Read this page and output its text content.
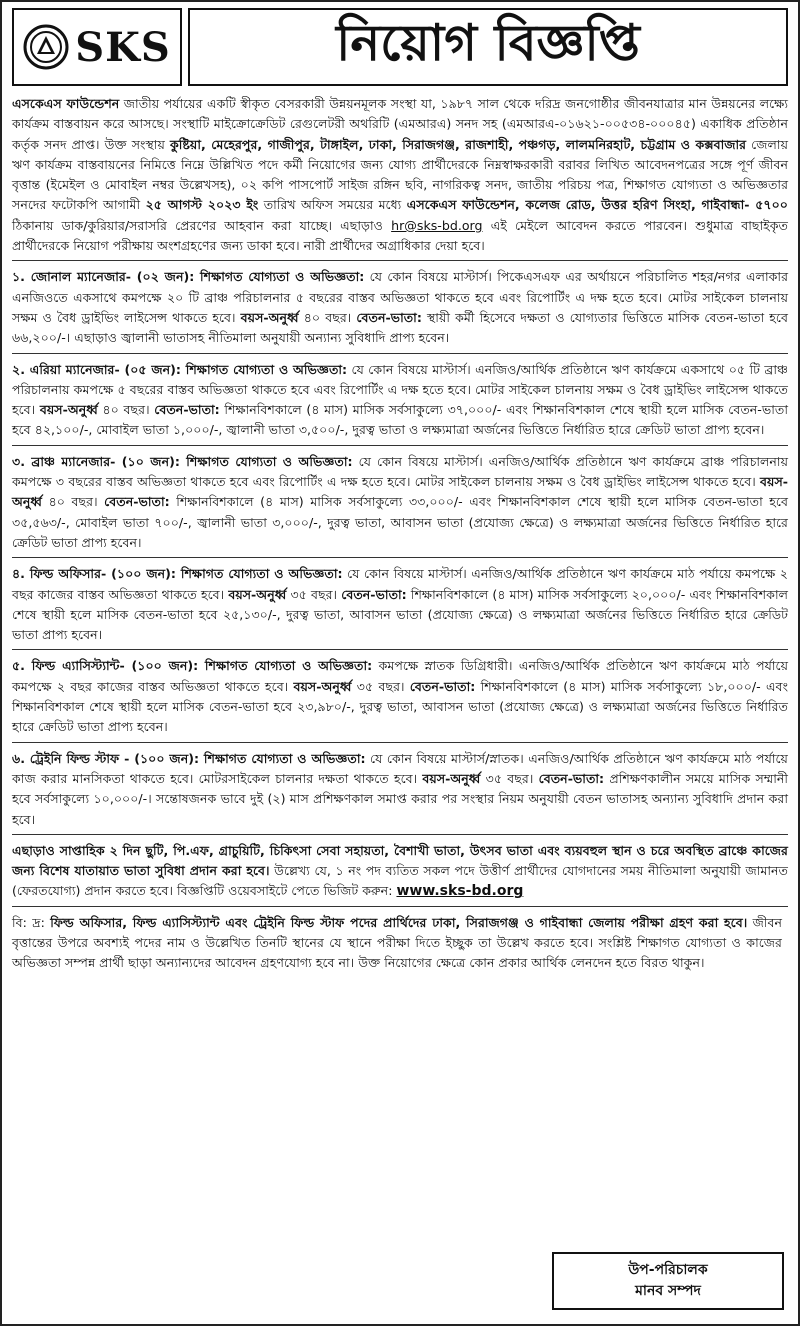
SKS	নিয়োগ বিজ্ঞপ্তি

এসকেএস ফাউন্ডেশন জাতীয় পর্যায়ের একটি স্বীকৃত বেসরকারী উন্নয়নমূলক সংস্থা যা, ১৯৮৭ সাল থেকে দরিদ্র জনগোষ্ঠীর জীবনযাত্রার মান উন্নয়নের লক্ষ্যে কার্যক্রম বাস্তবায়ন করে আসছে। সংস্থাটি মাইক্রোক্রেডিট রেগুলেটরী অথরিটি (এমআরএ) সনদ সহ (এমআরএ-০১৬২১-০০৫৩৪-০০০৪৫) একাধিক প্রতিষ্ঠান কর্তৃক সনদ প্রাপ্ত। উক্ত সংস্থায় কুষ্টিয়া, মেহেরপুর, গাজীপুর, টাঙ্গাইল, ঢাকা, সিরাজগঞ্জ, রাজশাহী, পঞ্চগড়, লালমনিরহাট, চট্টগ্রাম ও কক্সবাজার জেলায় ঋণ কার্যক্রম বাস্তবায়নের নিমিত্তে নিম্নে উল্লিখিত পদে কর্মী নিয়োগের জন্য যোগ্য প্রার্থীদেরকে নিম্নস্বাক্ষরকারী বরাবর লিখিত আবেদনপত্রের সঙ্গে পূর্ণ জীবন বৃত্তান্ত (ইমেইল ও মোবাইল নম্বর উল্লেখসহ), ০২ কপি পাসপোর্ট সাইজ রঙ্গিন ছবি, নাগরিকত্ব সনদ, জাতীয় পরিচয় পত্র, শিক্ষাগত যোগ্যতা ও অভিজ্ঞতার সনদের ফটোকপি আগামী ২৫ আগস্ট ২০২৩ ইং তারিখ অফিস সময়ের মধ্যে এসকেএস ফাউন্ডেশন, কলেজ রোড, উত্তর হরিণ সিংহা, গাইবান্ধা- ৫৭০০ ঠিকানায় ডাক/কুরিয়ার/সরাসরি প্রেরণের আহবান করা যাচ্ছে। এছাড়াও hr@sks-bd.org এই মেইলে আবেদন করতে পারবেন। শুধুমাত্র বাছাইকৃত প্রার্থীদেরকে নিয়োগ পরীক্ষায় অংশগ্রহণের জন্য ডাকা হবে। নারী প্রার্থীদের অগ্রাধিকার দেয়া হবে।

১. জোনাল ম্যানেজার- (০২ জন): শিক্ষাগত যোগ্যতা ও অভিজ্ঞতা: যে কোন বিষয়ে মাস্টার্স। পিকেএসএফ এর অর্থায়নে পরিচালিত শহর/নগর এলাকার এনজিওতে একসাথে কমপক্ষে ২০ টি ব্রাঞ্চ পরিচালনার ৫ বছরের বাস্তব অভিজ্ঞতা থাকতে হবে এবং রিপোর্টিং এ দক্ষ হতে হবে। মোটর সাইকেল চালনায় সক্ষম ও বৈধ ড্রাইভিং লাইসেন্স থাকতে হবে। বয়স-অনুর্ধ্ব ৪০ বছর। বেতন-ভাতা: স্থায়ী কর্মী হিসেবে দক্ষতা ও যোগ্যতার ভিত্তিতে মাসিক বেতন-ভাতা হবে ৬৬,২০০/-। এছাড়াও জ্বালানী ভাতাসহ নীতিমালা অনুযায়ী অন্যান্য সুবিধাদি প্রাপ্য হবেন।

২. এরিয়া ম্যানেজার- (০৫ জন): শিক্ষাগত যোগ্যতা ও অভিজ্ঞতা: যে কোন বিষয়ে মাস্টার্স। এনজিও/আর্থিক প্রতিষ্ঠানে ঋণ কার্যক্রমে একসাথে ০৫ টি ব্রাঞ্চ পরিচালনায় কমপক্ষে ৫ বছরের বাস্তব অভিজ্ঞতা থাকতে হবে এবং রিপোর্টিং এ দক্ষ হতে হবে। মোটর সাইকেল চালনায় সক্ষম ও বৈধ ড্রাইভিং লাইসেন্স থাকতে হবে। বয়স-অনুর্ধ্ব ৪০ বছর। বেতন-ভাতা: শিক্ষানবিশকালে (৪ মাস) মাসিক সর্বসাকুল্যে ৩৭,০০০/- এবং শিক্ষানবিশকাল শেষে স্থায়ী হলে মাসিক বেতন-ভাতা হবে ৪২,১০০/-, মোবাইল ভাতা ১,০০০/-, জ্বালানী ভাতা ৩,৫০০/-, দুরত্ব ভাতা ও লক্ষ্যমাত্রা অর্জনের ভিত্তিতে নির্ধারিত হারে ক্রেডিট ভাতা প্রাপ্য হবেন।

৩. ব্রাঞ্চ ম্যানেজার- (১০ জন): শিক্ষাগত যোগ্যতা ও অভিজ্ঞতা: যে কোন বিষয়ে মাস্টার্স। এনজিও/আর্থিক প্রতিষ্ঠানে ঋণ কার্যক্রমে ব্রাঞ্চ পরিচালনায় কমপক্ষে ৩ বছরের বাস্তব অভিজ্ঞতা থাকতে হবে এবং রিপোর্টিং এ দক্ষ হতে হবে। মোটর সাইকেল চালনায় সক্ষম ও বৈধ ড্রাইভিং লাইসেন্স থাকতে হবে। বয়স-অনুর্ধ্ব ৪০ বছর। বেতন-ভাতা: শিক্ষানবিশকালে (৪ মাস) মাসিক সর্বসাকুল্যে ৩৩,০০০/- এবং শিক্ষানবিশকাল শেষে স্থায়ী হলে মাসিক বেতন-ভাতা হবে ৩৫,৫৬৩/-, মোবাইল ভাতা ৭০০/-, জ্বালানী ভাতা ৩,০০০/-, দুরত্ব ভাতা, আবাসন ভাতা (প্রযোজ্য ক্ষেত্রে) ও লক্ষ্যমাত্রা অর্জনের ভিত্তিতে নির্ধারিত হারে ক্রেডিট ভাতা প্রাপ্য হবেন।

৪. ফিল্ড অফিসার- (১০০ জন): শিক্ষাগত যোগ্যতা ও অভিজ্ঞতা: যে কোন বিষয়ে মাস্টার্স। এনজিও/আর্থিক প্রতিষ্ঠানে ঋণ কার্যক্রমে মাঠ পর্যায়ে কমপক্ষে ২ বছর কাজের বাস্তব অভিজ্ঞতা থাকতে হবে। বয়স-অনুর্ধ্ব ৩৫ বছর। বেতন-ভাতা: শিক্ষানবিশকালে (৪ মাস) মাসিক সর্বসাকুল্যে ২০,০০০/- এবং শিক্ষানবিশকাল শেষে স্থায়ী হলে মাসিক বেতন-ভাতা হবে ২৫,১৩০/-, দুরত্ব ভাতা, আবাসন ভাতা (প্রযোজ্য ক্ষেত্রে) ও লক্ষ্যমাত্রা অর্জনের ভিত্তিতে নির্ধারিত হারে ক্রেডিট ভাতা প্রাপ্য হবেন।

৫. ফিল্ড এ্যাসিস্ট্যান্ট- (১০০ জন): শিক্ষাগত যোগ্যতা ও অভিজ্ঞতা: কমপক্ষে স্নাতক ডিগ্রিধারী। এনজিও/আর্থিক প্রতিষ্ঠানে ঋণ কার্যক্রমে মাঠ পর্যায়ে কমপক্ষে ২ বছর কাজের বাস্তব অভিজ্ঞতা থাকতে হবে। বয়স-অনুর্ধ্ব ৩৫ বছর। বেতন-ভাতা: শিক্ষানবিশকালে (৪ মাস) মাসিক সর্বসাকুল্যে ১৮,০০০/- এবং শিক্ষানবিশকাল শেষে স্থায়ী হলে মাসিক বেতন-ভাতা হবে ২৩,৯৮০/-, দুরত্ব ভাতা, আবাসন ভাতা (প্রযোজ্য ক্ষেত্রে) ও লক্ষ্যমাত্রা অর্জনের ভিত্তিতে নির্ধারিত হারে ক্রেডিট ভাতা প্রাপ্য হবেন।

৬. ট্রেইনি ফিল্ড স্টাফ - (১০০ জন): শিক্ষাগত যোগ্যতা ও অভিজ্ঞতা: যে কোন বিষয়ে মাস্টার্স/স্নাতক। এনজিও/আর্থিক প্রতিষ্ঠানে ঋণ কার্যক্রমে মাঠ পর্যায়ে কাজ করার মানসিকতা থাকতে হবে। মোটরসাইকেল চালনার দক্ষতা থাকতে হবে। বয়স-অনুর্ধ্ব ৩৫ বছর। বেতন-ভাতা: প্রশিক্ষণকালীন সময়ে মাসিক সম্মানী হবে সর্বসাকুল্যে ১০,০০০/-। সন্তোষজনক ভাবে দুই (২) মাস প্রশিক্ষণকাল সমাপ্ত করার পর সংস্থার নিয়ম অনুযায়ী বেতন ভাতাসহ অন্যান্য সুবিধাদি প্রদান করা হবে।

এছাড়াও সাপ্তাহিক ২ দিন ছুটি, পি.এফ, গ্রাচুয়িটি, চিকিৎসা সেবা সহায়তা, বৈশাখী ভাতা, উৎসব ভাতা এবং ব্যয়বহুল স্থান ও চরে অবস্থিত ব্রাঞ্চে কাজের জন্য বিশেষ যাতায়াত ভাতা সুবিধা প্রদান করা হবে। উল্লেখ্য যে, ১ নং পদ ব্যতিত সকল পদে উত্তীর্ণ প্রার্থীদের যোগদানের সময় নীতিমালা অনুযায়ী জামানত (ফেরতযোগ্য) প্রদান করতে হবে। বিজ্ঞপ্তিটি ওয়েবসাইটে পেতে ভিজিট করুন: www.sks-bd.org

বি: দ্র: ফিল্ড অফিসার, ফিল্ড এ্যাসিস্ট্যান্ট এবং ট্রেইনি ফিল্ড স্টাফ পদের প্রার্থিদের ঢাকা, সিরাজগঞ্জ ও গাইবান্ধা জেলায় পরীক্ষা গ্রহণ করা হবে। জীবন বৃত্তান্তের উপরে অবশ্যই পদের নাম ও উল্লেখিত তিনটি স্থানের যে স্থানে পরীক্ষা দিতে ইচ্ছুক তা উল্লেখ করতে হবে। সংশ্লিষ্ট শিক্ষাগত যোগ্যতা ও কাজের অভিজ্ঞতা সম্পন্ন প্রার্থী ছাড়া অন্যান্যদের আবেদন গ্রহণযোগ্য হবে না। উক্ত নিয়োগের ক্ষেত্রে কোন প্রকার আর্থিক লেনদেন হতে বিরত থাকুন।

উপ-পরিচালক
মানব সম্পদ
